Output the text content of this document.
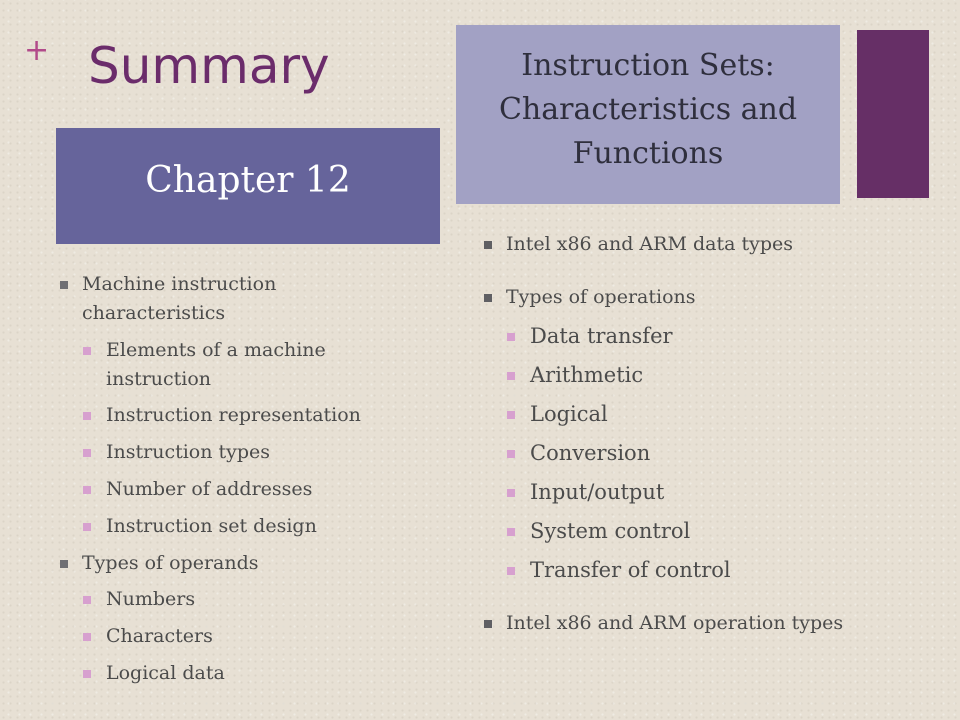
+ Summary
Chapter 12
Instruction Sets: Characteristics and Functions
Machine instruction characteristics
Elements of a machine instruction
Instruction representation
Instruction types
Number of addresses
Instruction set design
Types of operands
Numbers
Characters
Logical data
Intel x86 and ARM data types
Types of operations
Data transfer
Arithmetic
Logical
Conversion
Input/output
System control
Transfer of control
Intel x86 and ARM operation types
